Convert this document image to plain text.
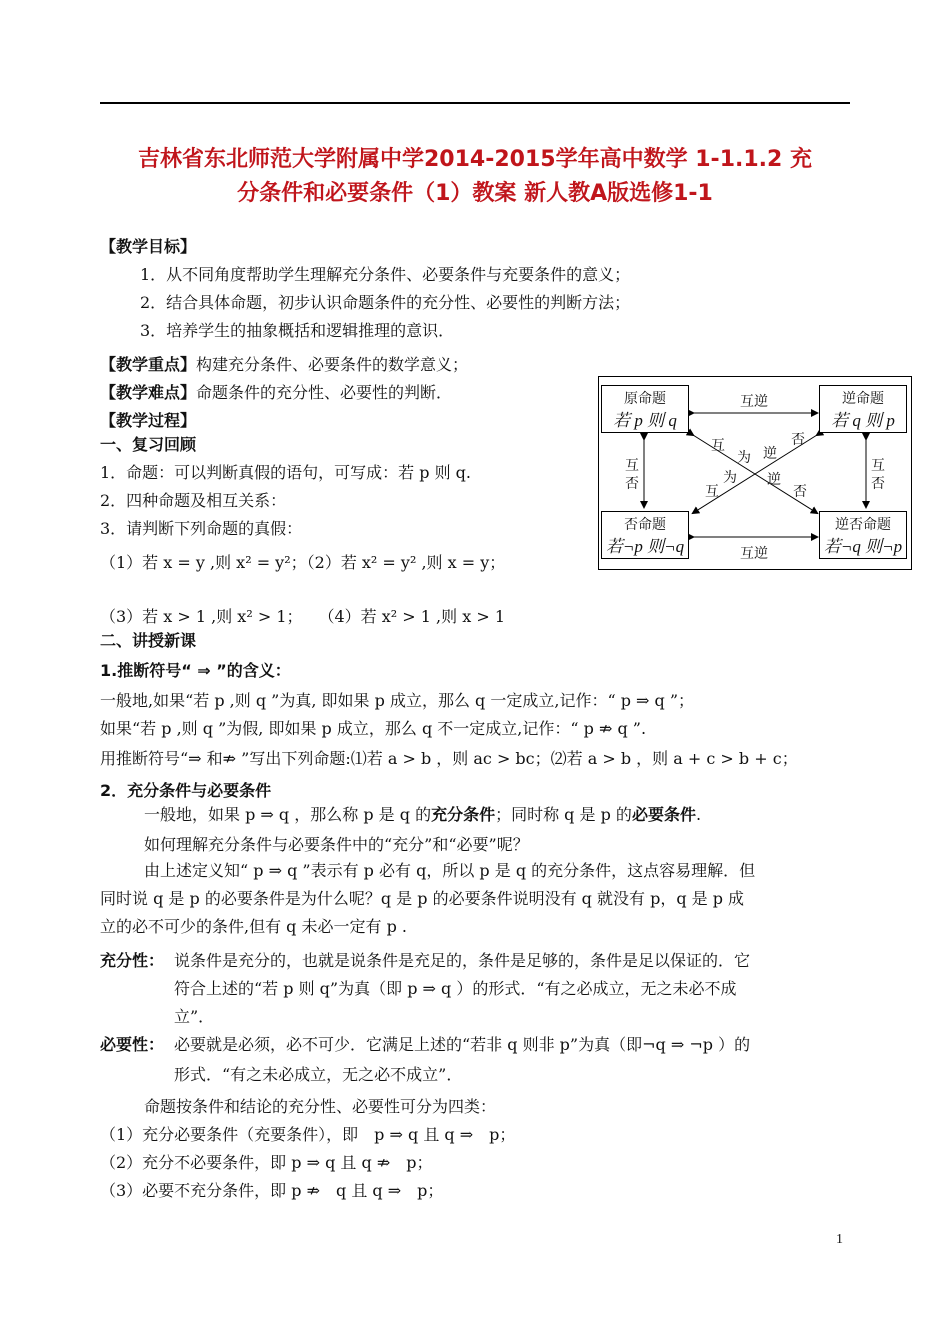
吉林省东北师范大学附属中学2014-2015学年高中数学 1-1.1.2 充
分条件和必要条件（1）教案 新人教A版选修1-1
【教学目标】
1．从不同角度帮助学生理解充分条件、必要条件与充要条件的意义；
2．结合具体命题，初步认识命题条件的充分性、必要性的判断方法；
3．培养学生的抽象概括和逻辑推理的意识．
【教学重点】构建充分条件、必要条件的数学意义；
【教学难点】命题条件的充分性、必要性的判断．
【教学过程】
一、复习回顾
1．命题：可以判断真假的语句，可写成：若 p 则 q.
2．四种命题及相互关系：
3．请判断下列命题的真假：
（1）若 x = y ,则 x² = y²；（2）若 x² = y² ,则 x = y；
（3）若 x > 1 ,则 x² > 1；　　（4）若 x² > 1 ,则 x > 1
原命题
若 p 则 q
逆命题
若 q 则 p
否命题
若¬p 则¬q
逆否命题
若¬q 则¬p
互逆
互逆
互
否
互
否
互
为 逆
否
互
为 逆
否
二、讲授新课
1.推断符号“ ⇒ ”的含义：
一般地,如果“若 p ,则 q ”为真, 即如果 p 成立，那么 q 一定成立,记作：“ p ⇒ q ”；
如果“若 p ,则 q ”为假, 即如果 p 成立，那么 q 不一定成立,记作：“ p ⇏ q ”.
用推断符号“⇒ 和⇏ ”写出下列命题:⑴若 a > b ，则 ac > bc；⑵若 a > b ，则 a + c > b + c；
2．充分条件与必要条件
一般地，如果 p ⇒ q ，那么称 p 是 q 的充分条件；同时称 q 是 p 的必要条件.
如何理解充分条件与必要条件中的“充分”和“必要”呢？
由上述定义知“ p ⇒ q ”表示有 p 必有 q，所以 p 是 q 的充分条件，这点容易理解．但
同时说 q 是 p 的必要条件是为什么呢？q 是 p 的必要条件说明没有 q 就没有 p，q 是 p 成
立的必不可少的条件,但有 q 未必一定有 p .
充分性： 说条件是充分的，也就是说条件是充足的，条件是足够的，条件是足以保证的．它
符合上述的“若 p 则 q”为真（即 p ⇒ q ）的形式．“有之必成立，无之未必不成
立”．
必要性： 必要就是必须，必不可少．它满足上述的“若非 q 则非 p”为真（即¬q ⇒ ¬p ）的
形式．“有之未必成立，无之必不成立”．
命题按条件和结论的充分性、必要性可分为四类：
（1）充分必要条件（充要条件），即　p ⇒ q 且 q ⇒　p；
（2）充分不必要条件，即 p ⇒ q 且 q ⇏　p；
（3）必要不充分条件，即 p ⇏　q 且 q ⇒　p；
1
